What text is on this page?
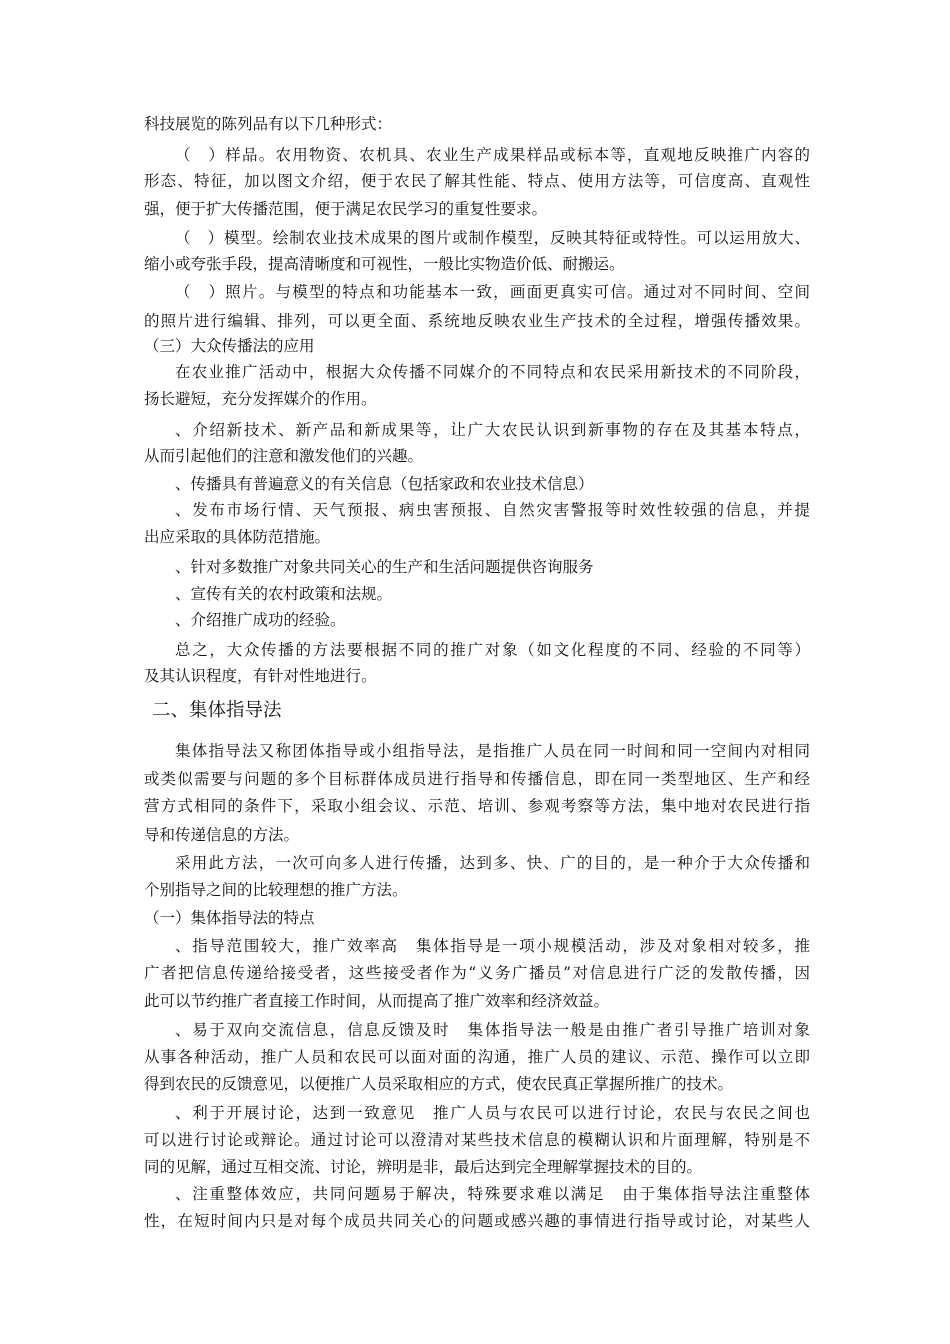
科技展览的陈列品有以下几种形式：
（　）样品。农用物资、农机具、农业生产成果样品或标本等，直观地反映推广内容的
形态、特征，加以图文介绍，便于农民了解其性能、特点、使用方法等，可信度高、直观性
强，便于扩大传播范围，便于满足农民学习的重复性要求。
（　）模型。绘制农业技术成果的图片或制作模型，反映其特征或特性。可以运用放大、
缩小或夸张手段，提高清晰度和可视性，一般比实物造价低、耐搬运。
（　）照片。与模型的特点和功能基本一致，画面更真实可信。通过对不同时间、空间
的照片进行编辑、排列，可以更全面、系统地反映农业生产技术的全过程，增强传播效果。
（三）大众传播法的应用
在农业推广活动中，根据大众传播不同媒介的不同特点和农民采用新技术的不同阶段，
扬长避短，充分发挥媒介的作用。
、介绍新技术、新产品和新成果等，让广大农民认识到新事物的存在及其基本特点，
从而引起他们的注意和激发他们的兴趣。
、传播具有普遍意义的有关信息（包括家政和农业技术信息）
、发布市场行情、天气预报、病虫害预报、自然灾害警报等时效性较强的信息，并提
出应采取的具体防范措施。
、针对多数推广对象共同关心的生产和生活问题提供咨询服务
、宣传有关的农村政策和法规。
、介绍推广成功的经验。
总之，大众传播的方法要根据不同的推广对象（如文化程度的不同、经验的不同等）
及其认识程度，有针对性地进行。
二、集体指导法
集体指导法又称团体指导或小组指导法，是指推广人员在同一时间和同一空间内对相同
或类似需要与问题的多个目标群体成员进行指导和传播信息，即在同一类型地区、生产和经
营方式相同的条件下，采取小组会议、示范、培训、参观考察等方法，集中地对农民进行指
导和传递信息的方法。
采用此方法，一次可向多人进行传播，达到多、快、广的目的，是一种介于大众传播和
个别指导之间的比较理想的推广方法。
（一）集体指导法的特点
、指导范围较大，推广效率高　集体指导是一项小规模活动，涉及对象相对较多，推
广者把信息传递给接受者，这些接受者作为“义务广播员”对信息进行广泛的发散传播，因
此可以节约推广者直接工作时间，从而提高了推广效率和经济效益。
、易于双向交流信息，信息反馈及时　集体指导法一般是由推广者引导推广培训对象
从事各种活动，推广人员和农民可以面对面的沟通，推广人员的建议、示范、操作可以立即
得到农民的反馈意见，以便推广人员采取相应的方式，使农民真正掌握所推广的技术。
、利于开展讨论，达到一致意见　推广人员与农民可以进行讨论，农民与农民之间也
可以进行讨论或辩论。通过讨论可以澄清对某些技术信息的模糊认识和片面理解，特别是不
同的见解，通过互相交流、讨论，辨明是非，最后达到完全理解掌握技术的目的。
、注重整体效应，共同问题易于解决，特殊要求难以满足　由于集体指导法注重整体
性，在短时间内只是对每个成员共同关心的问题或感兴趣的事情进行指导或讨论，对某些人
